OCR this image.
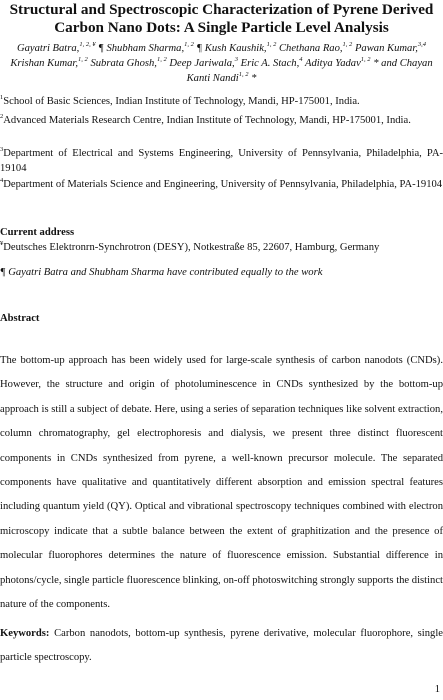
Structural and Spectroscopic Characterization of Pyrene Derived
Carbon Nano Dots: A Single Particle Level Analysis
Gayatri Batra,$^{1, 2, ¥}$ ¶ Shubham Sharma,$^{1, 2}$ ¶ Kush Kaushik,$^{1, 2}$ Chethana Rao,$^{1, 2}$ Pawan Kumar,$^{3,4}$ Krishan Kumar,$^{1, 2}$ Subrata Ghosh,$^{1, 2}$ Deep Jariwala,$^3$ Eric A. Stach,$^4$ Aditya Yadav$^{1, 2}$ * and Chayan Kanti Nandi$^{1, 2}$ *
$^1$School of Basic Sciences, Indian Institute of Technology, Mandi, HP-175001, India.
$^2$Advanced Materials Research Centre, Indian Institute of Technology, Mandi, HP-175001, India.
$^3$Department of Electrical and Systems Engineering, University of Pennsylvania, Philadelphia, PA-19104
$^4$Department of Materials Science and Engineering, University of Pennsylvania, Philadelphia, PA-19104
Current address
¥Deutsches Elektronrn-Synchrotron (DESY), Notkestraße 85, 22607, Hamburg, Germany
¶ Gayatri Batra and Shubham Sharma have contributed equally to the work
Abstract
The bottom-up approach has been widely used for large-scale synthesis of carbon nanodots (CNDs). However, the structure and origin of photoluminescence in CNDs synthesized by the bottom-up approach is still a subject of debate. Here, using a series of separation techniques like solvent extraction, column chromatography, gel electrophoresis and dialysis, we present three distinct fluorescent components in CNDs synthesized from pyrene, a well-known precursor molecule. The separated components have qualitative and quantitatively different absorption and emission spectral features including quantum yield (QY). Optical and vibrational spectroscopy techniques combined with electron microscopy indicate that a subtle balance between the extent of graphitization and the presence of molecular fluorophores determines the nature of fluorescence emission. Substantial difference in photons/cycle, single particle fluorescence blinking, on-off photoswitching strongly supports the distinct nature of the components.
Keywords: Carbon nanodots, bottom-up synthesis, pyrene derivative, molecular fluorophore, single particle spectroscopy.
1
